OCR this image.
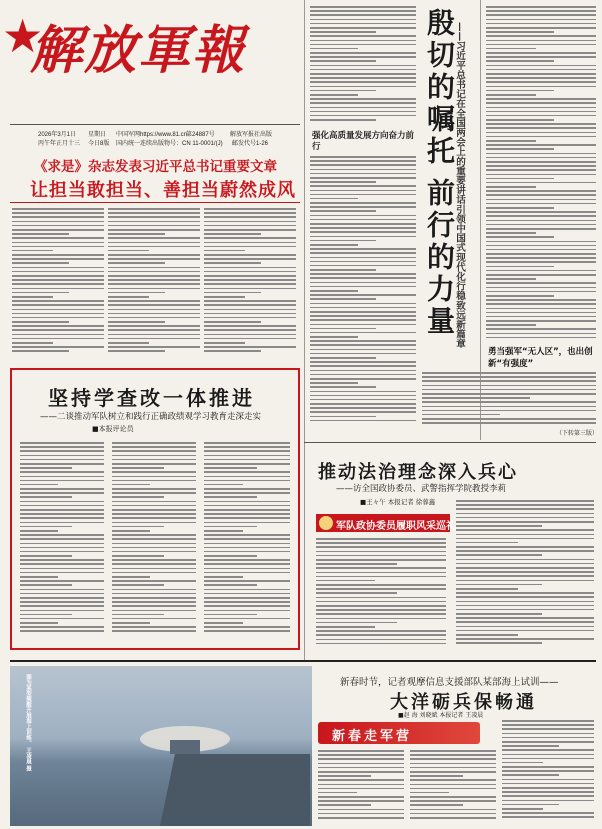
★
解放軍報
2026年3月1日 星期日
丙午年正月十三 今日8版
中国军网https://www.81.cn
第24887号	解放军报社出版
国内统一连续出版物号：CN 11-0001/(J) 邮发代号1-26
《求是》杂志发表习近平总书记重要文章
让担当敢担当、善担当蔚然成风
坚持学查改一体推进
——二谈推动军队树立和践行正确政绩观学习教育走深走实
■本报评论员
强化高质量发展方向奋力前行	殷切的嘱托
前行的力量
——习近平总书记在全国两会上的重要讲话引领中国式现代化行稳致远新篇章
勇当强军“无人区”，也出创新“有强度”
（下转第三版）
推动法治理念深入兵心
——访全国政协委员、武警指挥学院教授李莉
■王々午 本报记者 徐蓉鑫
军队政协委员履职风采巡礼
图为某型舰艇开展海上训练。 王凌晨 摄	新春时节，记者观摩信息支援部队某部海上试训——
大洋砺兵保畅通
■赵 海 刘晓斌 本报记者 王凌晨
新春走军营
